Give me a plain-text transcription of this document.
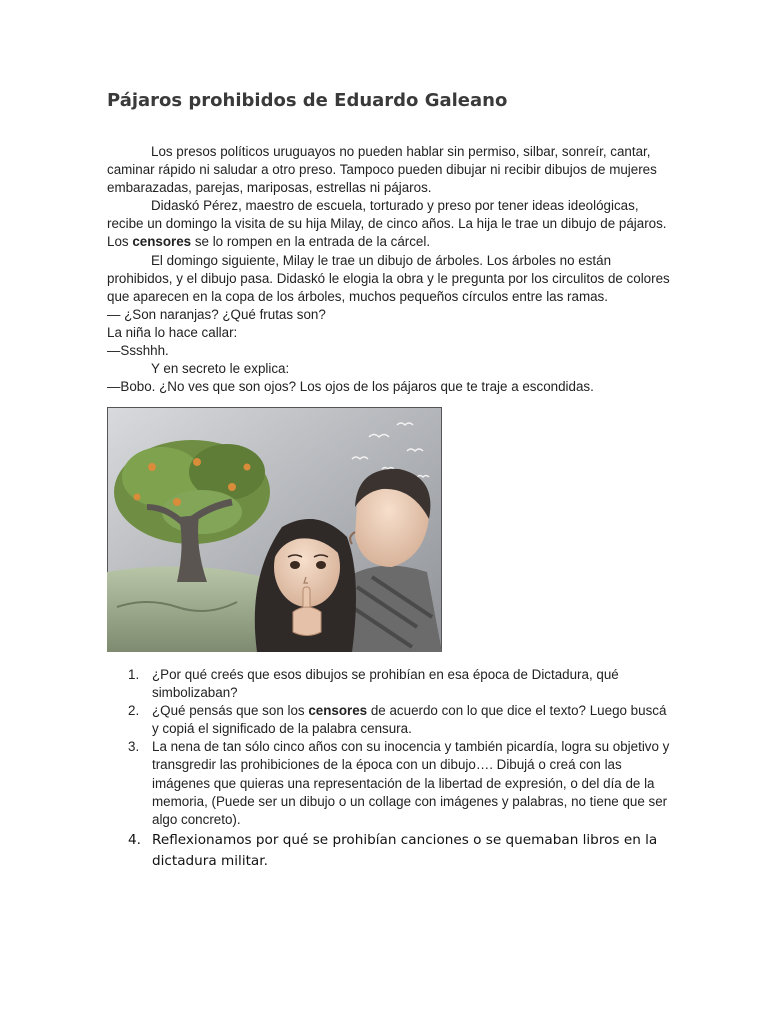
Pájaros prohibidos de Eduardo Galeano

Los presos políticos uruguayos no pueden hablar sin permiso, silbar, sonreír, cantar,

caminar rápido ni saludar a otro preso. Tampoco pueden dibujar ni recibir dibujos de mujeres

embarazadas, parejas, mariposas, estrellas ni pájaros.

Didaskó Pérez, maestro de escuela, torturado y preso por tener ideas ideológicas,

recibe un domingo la visita de su hija Milay, de cinco años. La hija le trae un dibujo de pájaros.

Los censores se lo rompen en la entrada de la cárcel.

El domingo siguiente, Milay le trae un dibujo de árboles. Los árboles no están

prohibidos, y el dibujo pasa. Didaskó le elogia la obra y le pregunta por los circulitos de colores

que aparecen en la copa de los árboles, muchos pequeños círculos entre las ramas.

— ¿Son naranjas? ¿Qué frutas son?

La niña lo hace callar:

—Ssshhh.

Y en secreto le explica:

—Bobo. ¿No ves que son ojos? Los ojos de los pájaros que te traje a escondidas.

1. ¿Por qué creés que esos dibujos se prohibían en esa época de Dictadura, qué
simbolizaban?
2. ¿Qué pensás que son los censores de acuerdo con lo que dice el texto? Luego buscá
y copiá el significado de la palabra censura.
3. La nena de tan sólo cinco años con su inocencia y también picardía, logra su objetivo y
transgredir las prohibiciones de la época con un dibujo…. Dibujá o creá con las
imágenes que quieras una representación de la libertad de expresión, o del día de la
memoria, (Puede ser un dibujo o un collage con imágenes y palabras, no tiene que ser
algo concreto).
4. Reflexionamos por qué se prohibían canciones o se quemaban libros en la
dictadura militar.
